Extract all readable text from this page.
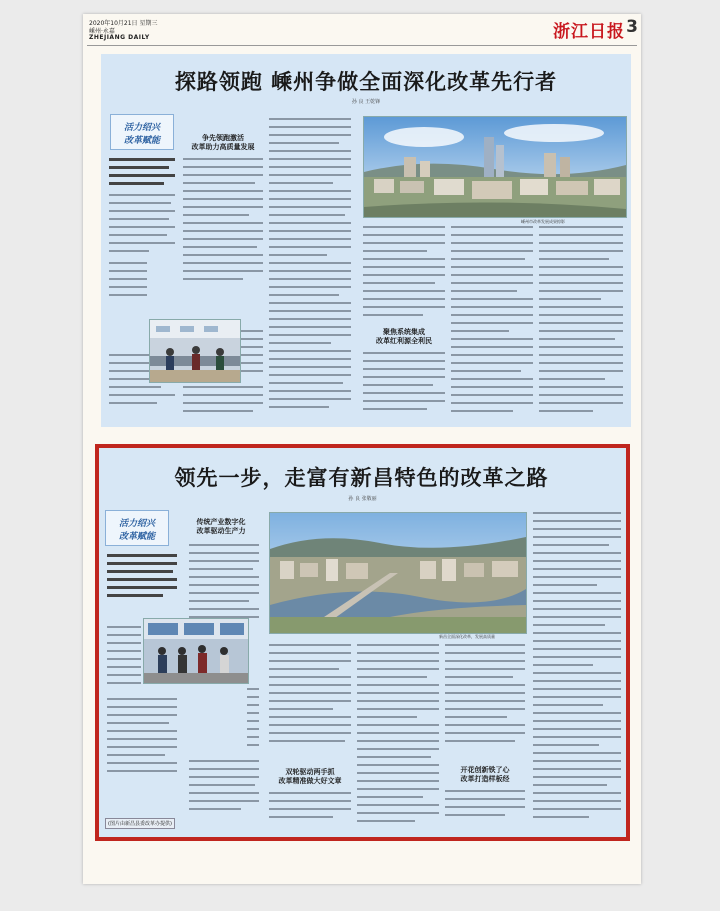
2020年10月21日 星期三
嵊州·永嘉
ZHEJIANG DAILY	浙江日报 3
探路领跑 嵊州争做全面深化改革先行者
孙 良 王乾锋
活力绍兴
改革赋能	争先领跑激活
改革助力高质量发展
嵊州市改革发展成果掠影
聚焦系统集成
改革红利源全利民
领先一步，走富有新昌特色的改革之路
孙 良 张敬丽
活力绍兴
改革赋能
(图片由新昌县委改革办提供)
传统产业数字化
改革驱动生产力
新昌全面深化改革，发展高质量
双轮驱动两手抓
改革精准做大好文章
开花创新铁了心
改革打造样板经
